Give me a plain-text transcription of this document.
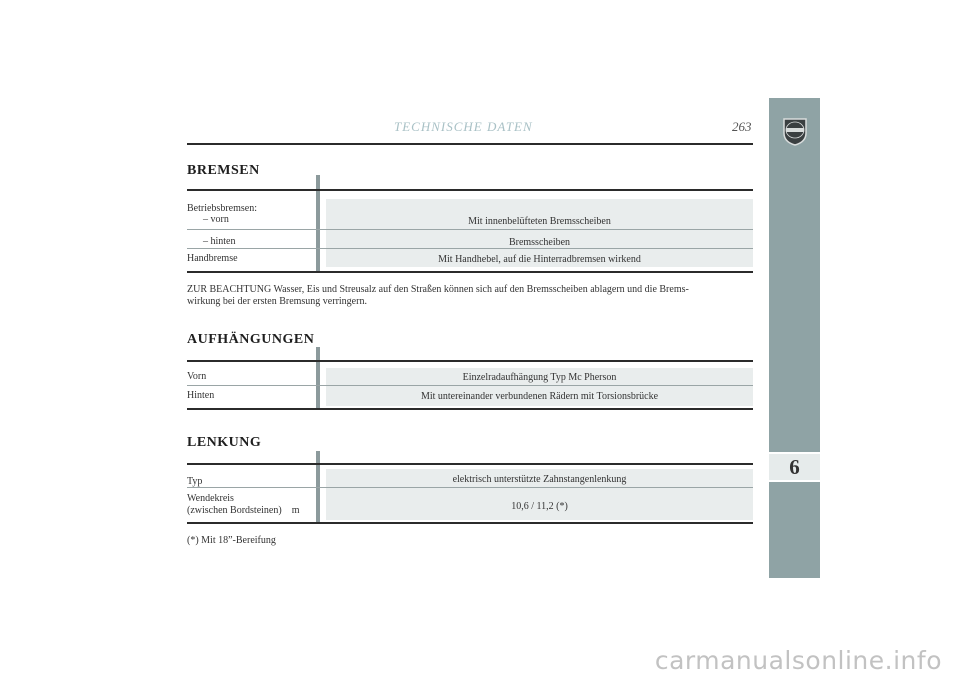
TECHNISCHE DATEN	263
6
BREMSEN
Betriebsbremsen:
– vorn	Mit innenbelüfteten Bremsscheiben
– hinten	Bremsscheiben
Handbremse	Mit Handhebel, auf die Hinterradbremsen wirkend
ZUR BEACHTUNG Wasser, Eis und Streusalz auf den Straßen können sich auf den Bremsscheiben ablagern und die Brems-
wirkung bei der ersten Bremsung verringern.
AUFHÄNGUNGEN
Vorn	Einzelradaufhängung Typ Mc Pherson
Hinten	Mit untereinander verbundenen Rädern mit Torsionsbrücke
LENKUNG
Typ	elektrisch unterstützte Zahnstangenlenkung
Wendekreis
(zwischen Bordsteinen)    m	10,6 / 11,2 (*)
(*) Mit 18”-Bereifung
carmanualsonline.info
